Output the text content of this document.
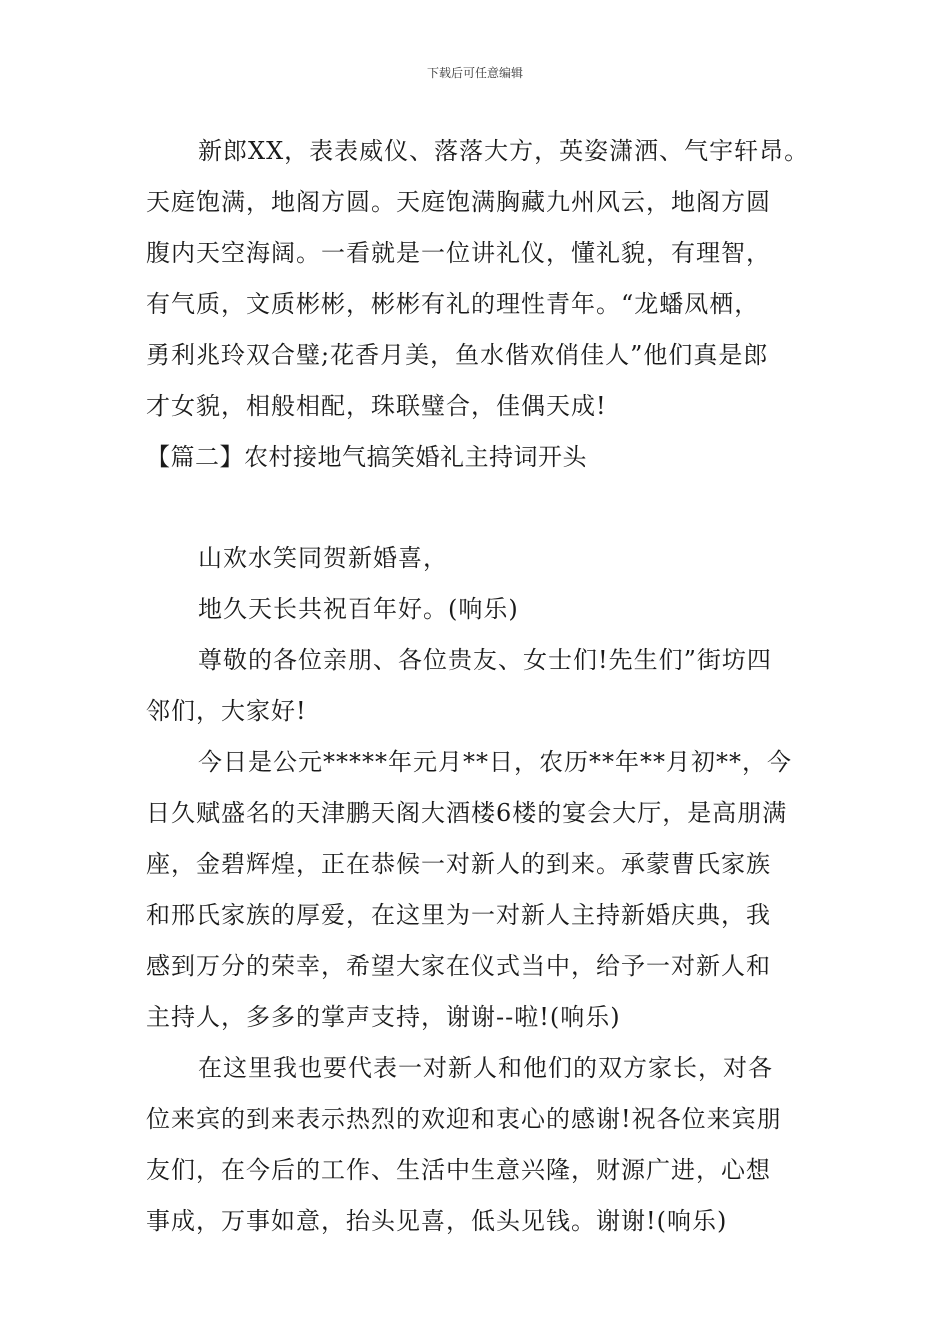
下载后可任意编辑
新郎XX，表表威仪、落落大方，英姿潇洒、气宇轩昂。
天庭饱满，地阁方圆。天庭饱满胸藏九州风云，地阁方圆
腹内天空海阔。一看就是一位讲礼仪，懂礼貌，有理智，
有气质，文质彬彬，彬彬有礼的理性青年。“龙蟠凤栖，
勇利兆玲双合璧;花香月美，鱼水偕欢俏佳人”他们真是郎
才女貌，相般相配，珠联璧合，佳偶天成!
【篇二】农村接地气搞笑婚礼主持词开头
山欢水笑同贺新婚喜，
地久天长共祝百年好。(响乐)
尊敬的各位亲朋、各位贵友、女士们!先生们”街坊四
邻们，大家好!
今日是公元*****年元月**日，农历**年**月初**，今
日久赋盛名的天津鹏天阁大酒楼6楼的宴会大厅，是高朋满
座，金碧辉煌，正在恭候一对新人的到来。承蒙曹氏家族
和邢氏家族的厚爱，在这里为一对新人主持新婚庆典，我
感到万分的荣幸，希望大家在仪式当中，给予一对新人和
主持人，多多的掌声支持，谢谢--啦!(响乐)
在这里我也要代表一对新人和他们的双方家长，对各
位来宾的到来表示热烈的欢迎和衷心的感谢!祝各位来宾朋
友们，在今后的工作、生活中生意兴隆，财源广进，心想
事成，万事如意，抬头见喜，低头见钱。谢谢!(响乐)
